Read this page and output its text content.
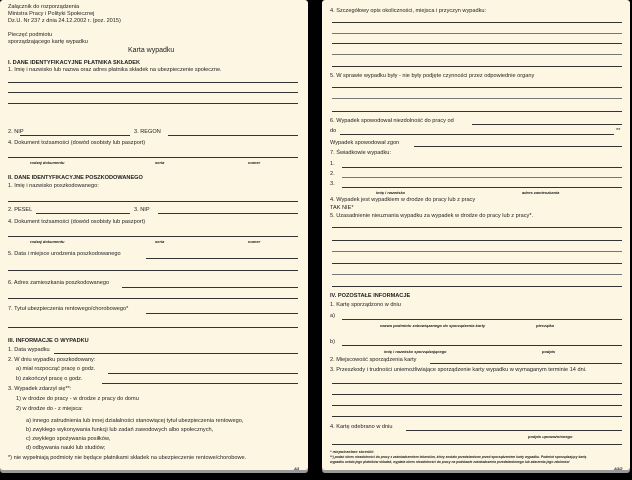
Załącznik do rozporządzenia
Ministra Pracy i Polityki Społecznej
Dz.U. Nr 237 z dnia 24.12.2002 r. (poz. 2015)
Pieczęć podmiotu
sporządzającego kartę wypadku
Karta wypadku
I. DANE IDENTYFIKACYJNE PŁATNIKA SKŁADEK
1. Imię i nazwisko lub nazwa oraz adres płatnika składek na ubezpieczenie społeczne.
2. NIP	3. REGON
4. Dokument tożsamości (dowód osobisty lub paszport)
rodzaj dokumentu	seria	numer
II. DANE IDENTYFIKACYJNE POSZKODOWANEGO
1. Imię i nazwisko poszkodowanego:
2. PESEL	3. NIP
4. Dokument tożsamości (dowód osobisty lub paszport)
rodzaj dokumentu	seria	numer
5. Data i miejsce urodzenia poszkodowanego
6. Adres zamieszkania poszkodowanego
7. Tytuł ubezpieczenia rentowego/chorobowego*
III. INFORMACJE O WYPADKU
1. Data wypadku
2. W dniu wypadku poszkodowany:
a) miał rozpocząć pracę o godz.
b) zakończył pracę o godz.
3. Wypadek zdarzył się**:
1) w drodze do pracy - w drodze z pracy do domu
2) w drodze do - z miejsca:
a) innego zatrudnienia lub innej działalności stanowiącej tytuł ubezpieczenia rentowego,
b) zwykłego wykonywania funkcji lub zadań zawodowych albo społecznych,
c) zwykłego spożywania posiłków,
d) odbywania nauki lub studiów;
*) nie wypełniają podmioty nie będące płatnikami składek na ubezpieczenie rentowe/chorobowe.
A3
4. Szczegółowy opis okoliczności, miejsca i przyczyn wypadku:
5. W sprawie wypadku były - nie były podjęte czynności przez odpowiednie organy
6. Wypadek spowodował niezdolność do pracy od
do	**
Wypadek spowodował zgon
7. Świadkowie wypadku:
1.
2.
3.
imię i nazwisko	adres zamieszkania
4. Wypadek jest wypadkiem w drodze do pracy lub z pracy
TAK NIE*
5. Uzasadnienie nieuznania wypadku za wypadek w drodze do pracy lub z pracy*.
IV. POZOSTAŁE INFORMACJE
1. Kartę sporządzono w dniu
a)
nazwa podmiotu zobowiązanego do sporządzenia karty	pieczątka
b)
imię i nazwisko sporządzającego	podpis
2. Miejscowość sporządzenia karty
3. Przeszkody i trudności uniemożliwiające sporządzenie karty wypadku w wymaganym terminie 14 dni.
4. Kartę odebrano w dniu
podpis upoważnionego
* niepotrzebne skreślić
**) podać okres niezdolności do pracy z zaświadczeniem lekarskim, który zostało przedstawione przed sporządzeniem karty wypadku. Podmiot sporządzający kartę
wypadku ustala jego płatników składek, wypłata okres niezdolności do pracy na podstawie zaświadczenia przedstawionego lub zdarzenia jego zdolności
A3/2
